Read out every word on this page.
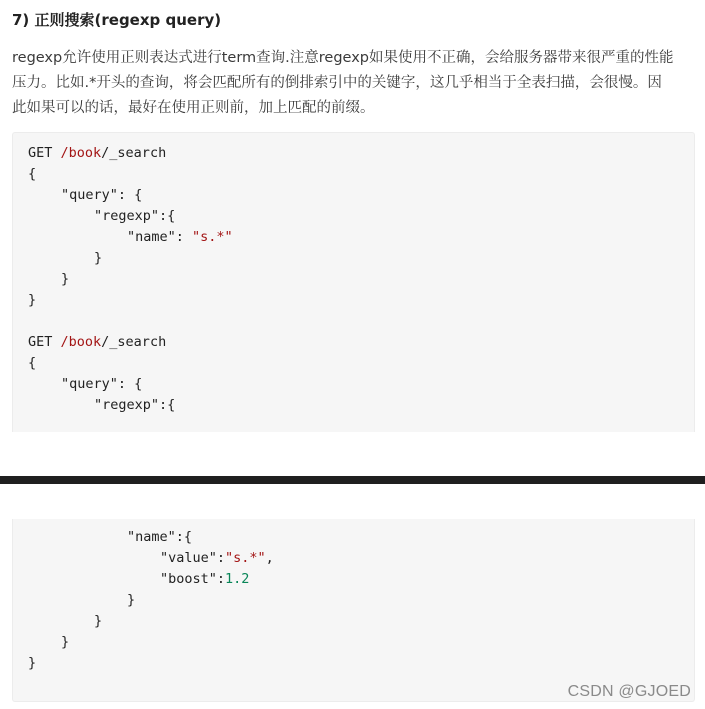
7) 正则搜索(regexp query)
regexp允许使用正则表达式进行term查询.注意regexp如果使用不正确，会给服务器带来很严重的性能
压力。比如.*开头的查询，将会匹配所有的倒排索引中的关键字，这几乎相当于全表扫描，会很慢。因
此如果可以的话，最好在使用正则前，加上匹配的前缀。
GET /book/_search
{
"query": {
"regexp":{
"name": "s.*"
}
}
}
GET /book/_search
{
"query": {
"regexp":{
"name":{
"value":"s.*",
"boost":1.2
}
}
}
}
CSDN @GJOED
